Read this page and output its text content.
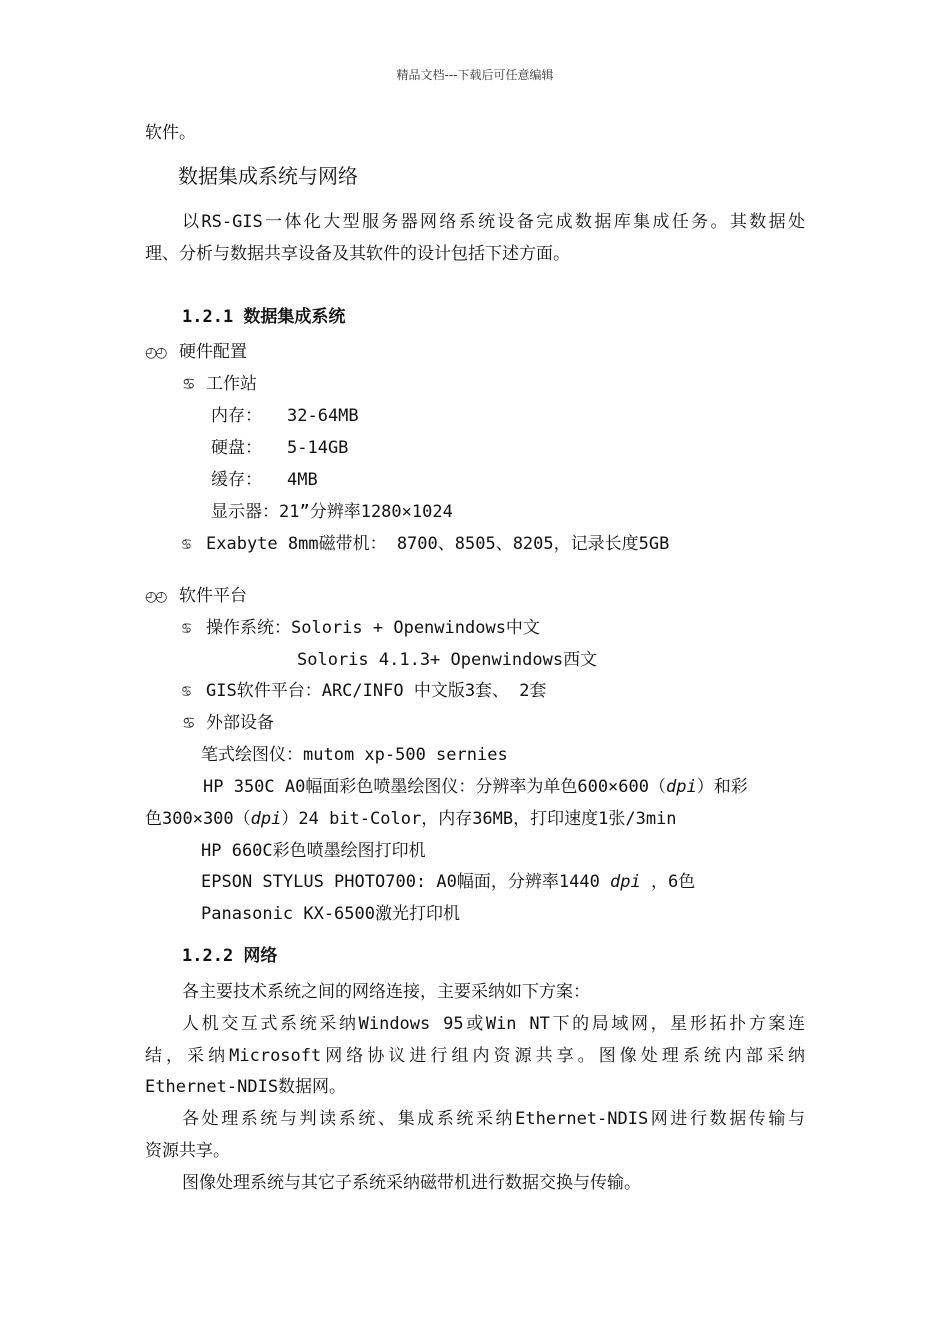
精品文档---下载后可任意编辑
软件。
数据集成系统与网络
以RS-GIS一体化大型服务器网络系统设备完成数据库集成任务。其数据处
理、分析与数据共享设备及其软件的设计包括下述方面。
1.2.1 数据集成系统
◴◴ 硬件配置
♋ 工作站
内存： 32-64MB
硬盘： 5-14GB
缓存： 4MB
显示器：21”分辨率1280×1024
♋ Exabyte 8mm磁带机： 8700、8505、8205，记录长度5GB
◴◴ 软件平台
♋ 操作系统：Soloris + Openwindows中文
Soloris 4.1.3+ Openwindows西文
♋ GIS软件平台：ARC/INFO 中文版3套、 2套
♋ 外部设备
笔式绘图仪：mutom xp-500 sernies
HP 350C A0幅面彩色喷墨绘图仪：分辨率为单色600×600（dpi）和彩
色300×300（dpi）24 bit-Color，内存36MB，打印速度1张/3min
HP 660C彩色喷墨绘图打印机
EPSON STYLUS PHOTO700: A0幅面，分辨率1440 dpi ，6色
Panasonic KX-6500激光打印机
1.2.2 网络
各主要技术系统之间的网络连接，主要采纳如下方案：
人机交互式系统采纳Windows 95或Win NT下的局域网，星形拓扑方案连
结，采纳Microsoft网络协议进行组内资源共享。图像处理系统内部采纳
Ethernet-NDIS数据网。
各处理系统与判读系统、集成系统采纳Ethernet-NDIS网进行数据传输与
资源共享。
图像处理系统与其它子系统采纳磁带机进行数据交换与传输。
